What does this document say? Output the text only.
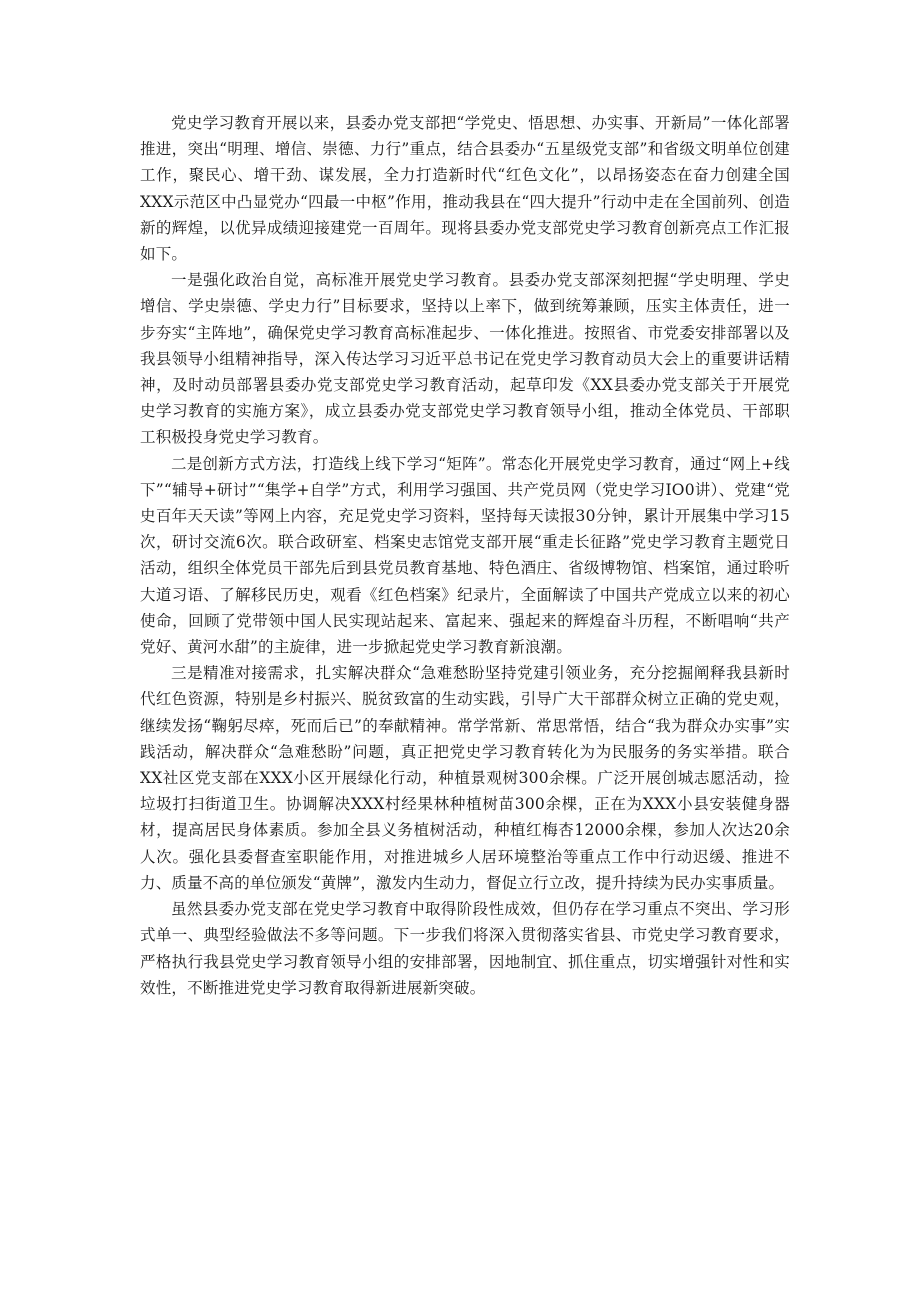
党史学习教育开展以来，县委办党支部把“学党史、悟思想、办实事、开新局”一体化部署推进，突出“明理、增信、崇德、力行”重点，结合县委办“五星级党支部”和省级文明单位创建工作，聚民心、增干劲、谋发展，全力打造新时代“红色文化”，以昂扬姿态在奋力创建全国XXX示范区中凸显党办“四最一中枢”作用，推动我县在“四大提升”行动中走在全国前列、创造新的辉煌，以优异成绩迎接建党一百周年。现将县委办党支部党史学习教育创新亮点工作汇报如下。

一是强化政治自觉，高标准开展党史学习教育。县委办党支部深刻把握“学史明理、学史增信、学史崇德、学史力行”目标要求，坚持以上率下，做到统筹兼顾，压实主体责任，进一步夯实“主阵地”，确保党史学习教育高标准起步、一体化推进。按照省、市党委安排部署以及我县领导小组精神指导，深入传达学习习近平总书记在党史学习教育动员大会上的重要讲话精神，及时动员部署县委办党支部党史学习教育活动，起草印发《XX县委办党支部关于开展党史学习教育的实施方案》，成立县委办党支部党史学习教育领导小组，推动全体党员、干部职工积极投身党史学习教育。

二是创新方式方法，打造线上线下学习“矩阵”。常态化开展党史学习教育，通过“网上+线下”“辅导+研讨”“集学+自学”方式，利用学习强国、共产党员网（党史学习IO0讲）、党建“党史百年天天读”等网上内容，充足党史学习资料，坚持每天读报30分钟，累计开展集中学习15次，研讨交流6次。联合政研室、档案史志馆党支部开展“重走长征路”党史学习教育主题党日活动，组织全体党员干部先后到县党员教育基地、特色酒庄、省级博物馆、档案馆，通过聆听大道习语、了解移民历史，观看《红色档案》纪录片，全面解读了中国共产党成立以来的初心使命，回顾了党带领中国人民实现站起来、富起来、强起来的辉煌奋斗历程，不断唱响“共产党好、黄河水甜”的主旋律，进一步掀起党史学习教育新浪潮。

三是精准对接需求，扎实解决群众“急难愁盼坚持党建引领业务，充分挖掘阐释我县新时代红色资源，特别是乡村振兴、脱贫致富的生动实践，引导广大干部群众树立正确的党史观，继续发扬“鞠躬尽瘁，死而后已”的奉献精神。常学常新、常思常悟，结合“我为群众办实事”实践活动，解决群众“急难愁盼”问题，真正把党史学习教育转化为为民服务的务实举措。联合XX社区党支部在XXX小区开展绿化行动，种植景观树300余棵。广泛开展创城志愿活动，捡垃圾打扫街道卫生。协调解决XXX村经果林种植树苗300余棵，正在为XXX小县安装健身器材，提高居民身体素质。参加全县义务植树活动，种植红梅杏12000余棵，参加人次达20余人次。强化县委督查室职能作用，对推进城乡人居环境整治等重点工作中行动迟缓、推进不力、质量不高的单位颁发“黄牌”，激发内生动力，督促立行立改，提升持续为民办实事质量。

虽然县委办党支部在党史学习教育中取得阶段性成效，但仍存在学习重点不突出、学习形式单一、典型经验做法不多等问题。下一步我们将深入贯彻落实省县、市党史学习教育要求，严格执行我县党史学习教育领导小组的安排部署，因地制宜、抓住重点，切实增强针对性和实效性，不断推进党史学习教育取得新进展新突破。
